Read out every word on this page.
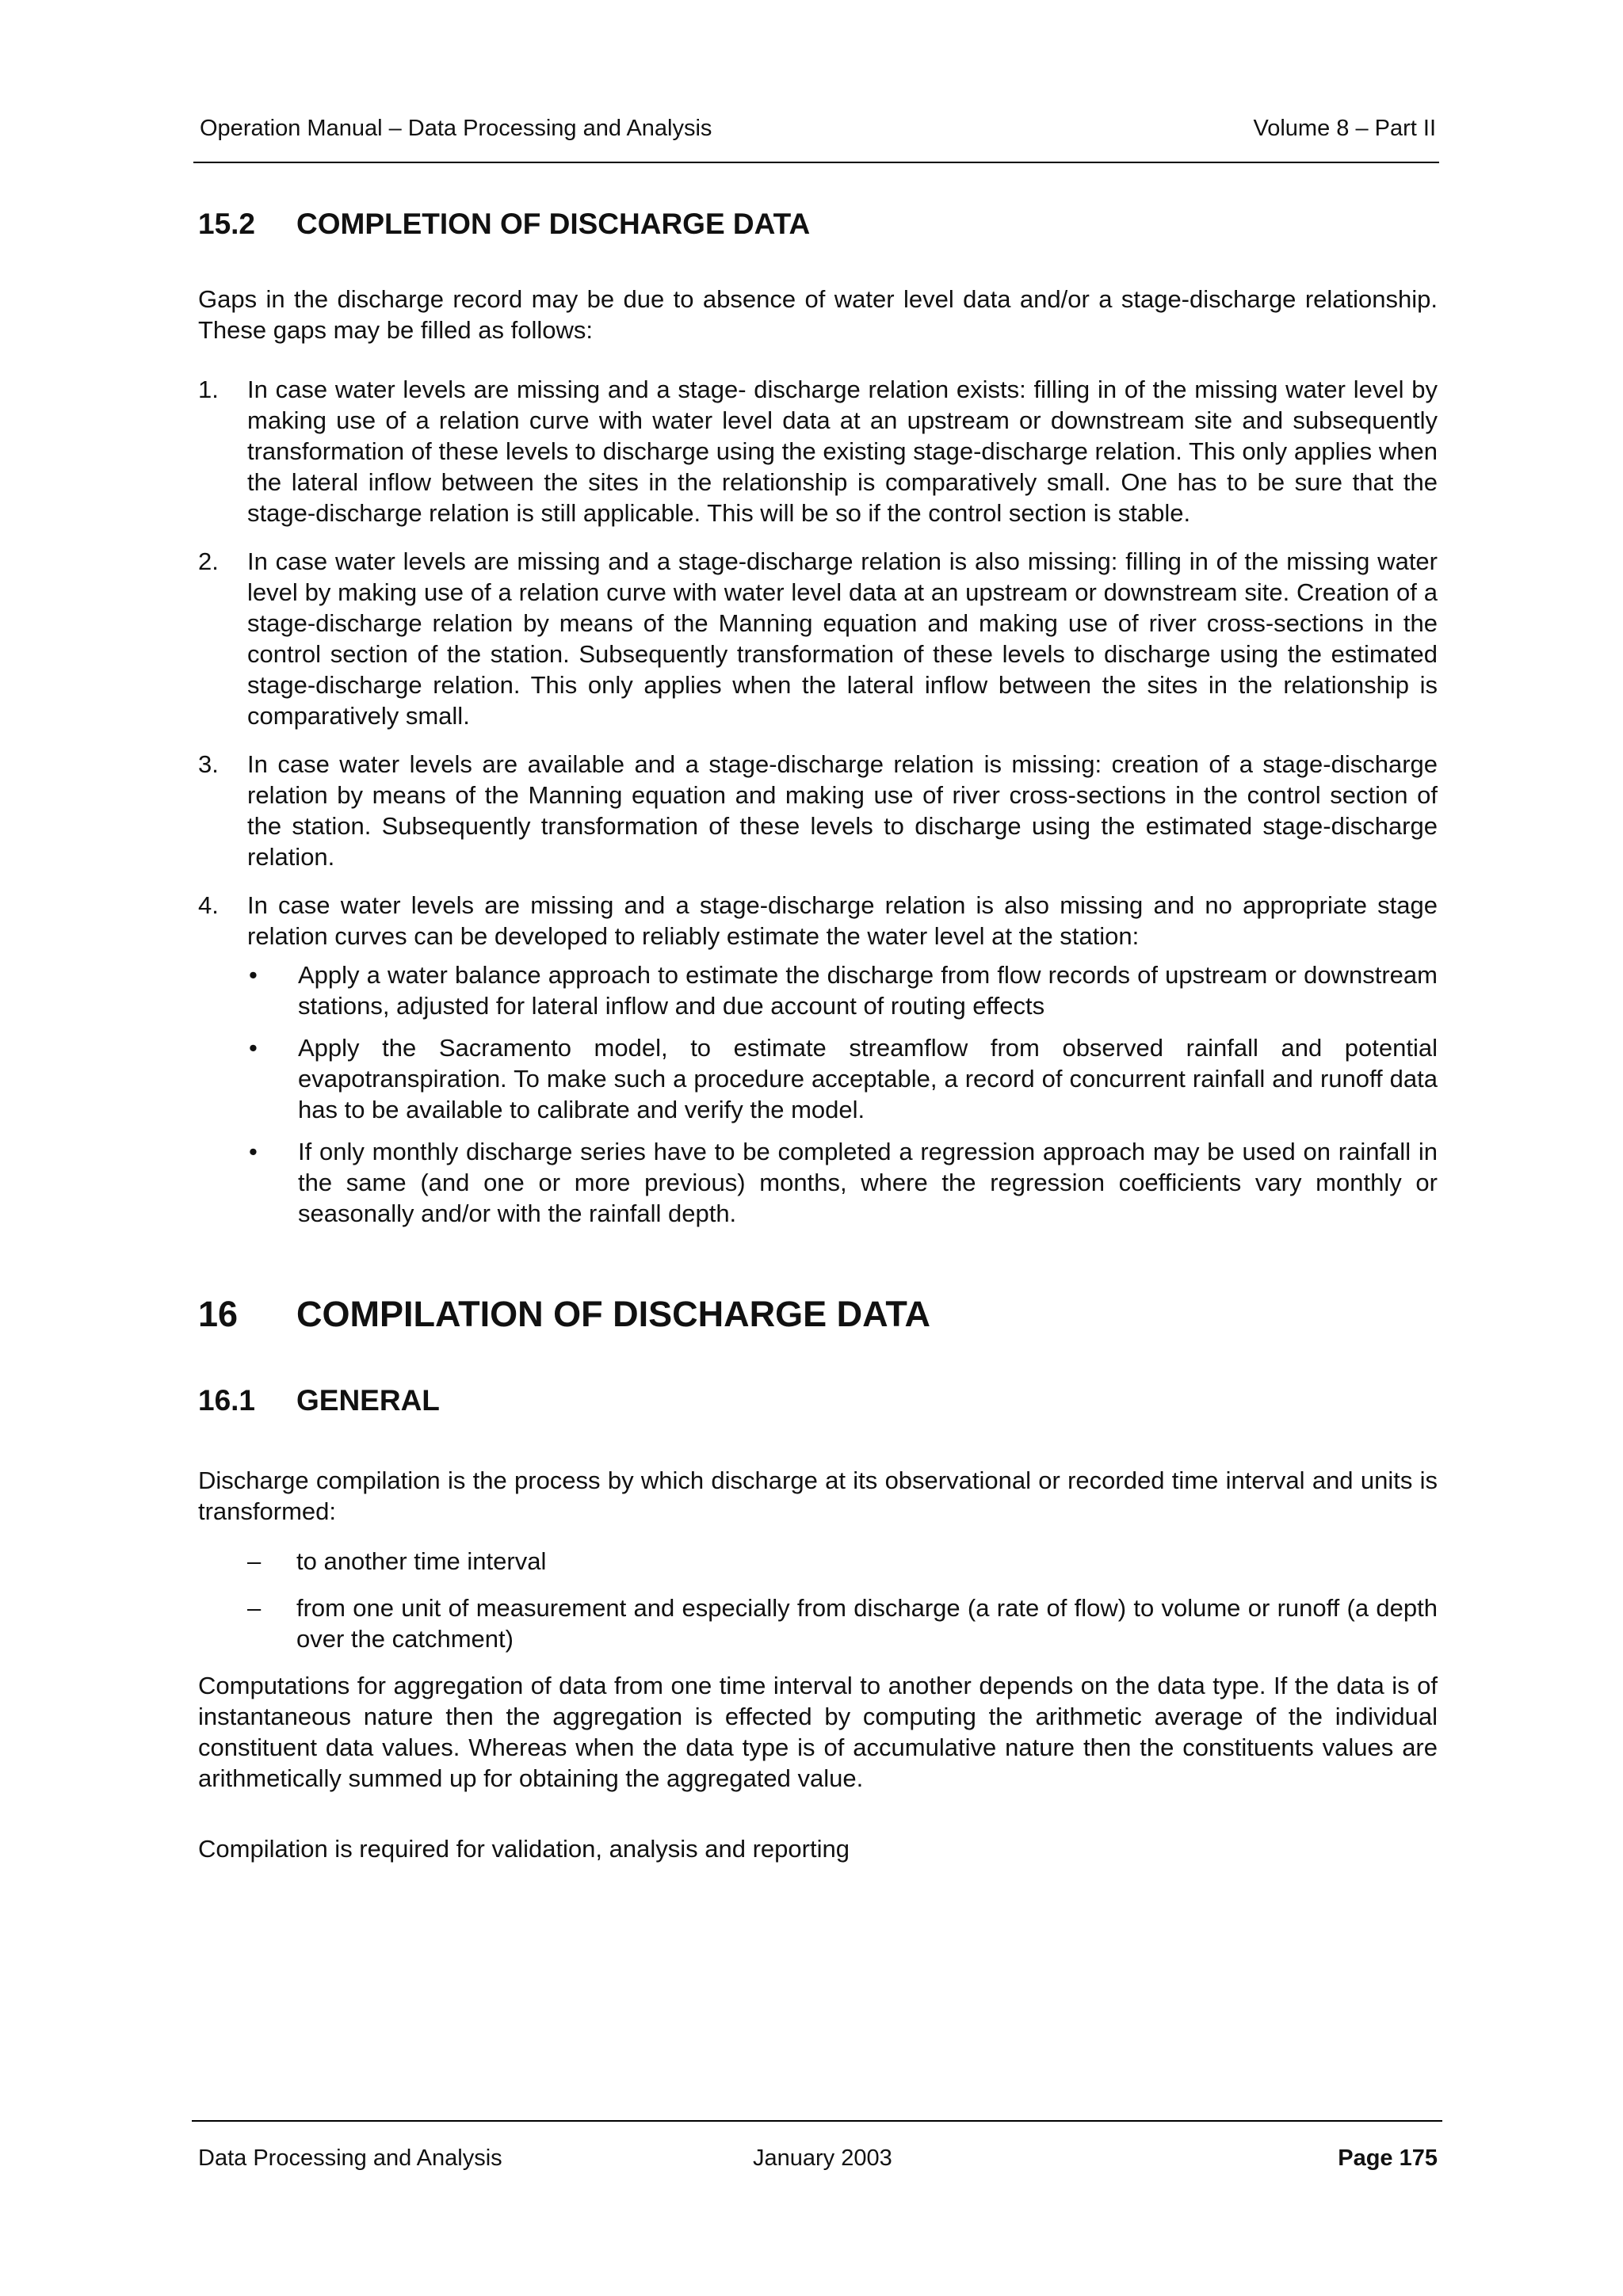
Operation Manual – Data Processing and Analysis	Volume 8 – Part II
15.2	COMPLETION OF DISCHARGE DATA

Gaps in the discharge record may be due to absence of water level data and/or a stage-discharge relationship. These gaps may be filled as follows:

1.	In case water levels are missing and a stage- discharge relation exists: filling in of the missing water level by making use of a relation curve with water level data at an upstream or downstream site and subsequently transformation of these levels to discharge using the existing stage-discharge relation. This only applies when the lateral inflow between the sites in the relationship is comparatively small. One has to be sure that the stage-discharge relation is still applicable. This will be so if the control section is stable.

2.	In case water levels are missing and a stage-discharge relation is also missing: filling in of the missing water level by making use of a relation curve with water level data at an upstream or downstream site. Creation of a stage-discharge relation by means of the Manning equation and making use of river cross-sections in the control section of the station. Subsequently transformation of these levels to discharge using the estimated stage-discharge relation. This only applies when the lateral inflow between the sites in the relationship is comparatively small.

3.	In case water levels are available and a stage-discharge relation is missing: creation of a stage-discharge relation by means of the Manning equation and making use of river cross-sections in the control section of the station. Subsequently transformation of these levels to discharge using the estimated stage-discharge relation.

4.	In case water levels are missing and a stage-discharge relation is also missing and no appropriate stage relation curves can be developed to reliably estimate the water level at the station:

•	Apply a water balance approach to estimate the discharge from flow records of upstream or downstream stations, adjusted for lateral inflow and due account of routing effects

•	Apply the Sacramento model, to estimate streamflow from observed rainfall and potential evapotranspiration. To make such a procedure acceptable, a record of concurrent rainfall and runoff data has to be available to calibrate and verify the model.

•	If only monthly discharge series have to be completed a regression approach may be used on rainfall in the same (and one or more previous) months, where the regression coefficients vary monthly or seasonally and/or with the rainfall depth.

16	COMPILATION OF DISCHARGE DATA
16.1	GENERAL

Discharge compilation is the process by which discharge at its observational or recorded time interval and units is transformed:

–	to another time interval

–	from one unit of measurement and especially from discharge (a rate of flow) to volume or runoff (a depth over the catchment)

Computations for aggregation of data from one time interval to another depends on the data type. If the data is of instantaneous nature then the aggregation is effected by computing the arithmetic average of the individual constituent data values. Whereas when the data type is of accumulative nature then the constituents values are arithmetically summed up for obtaining the aggregated value.

Compilation is required for validation, analysis and reporting

Data Processing and Analysis	January 2003	Page 175
